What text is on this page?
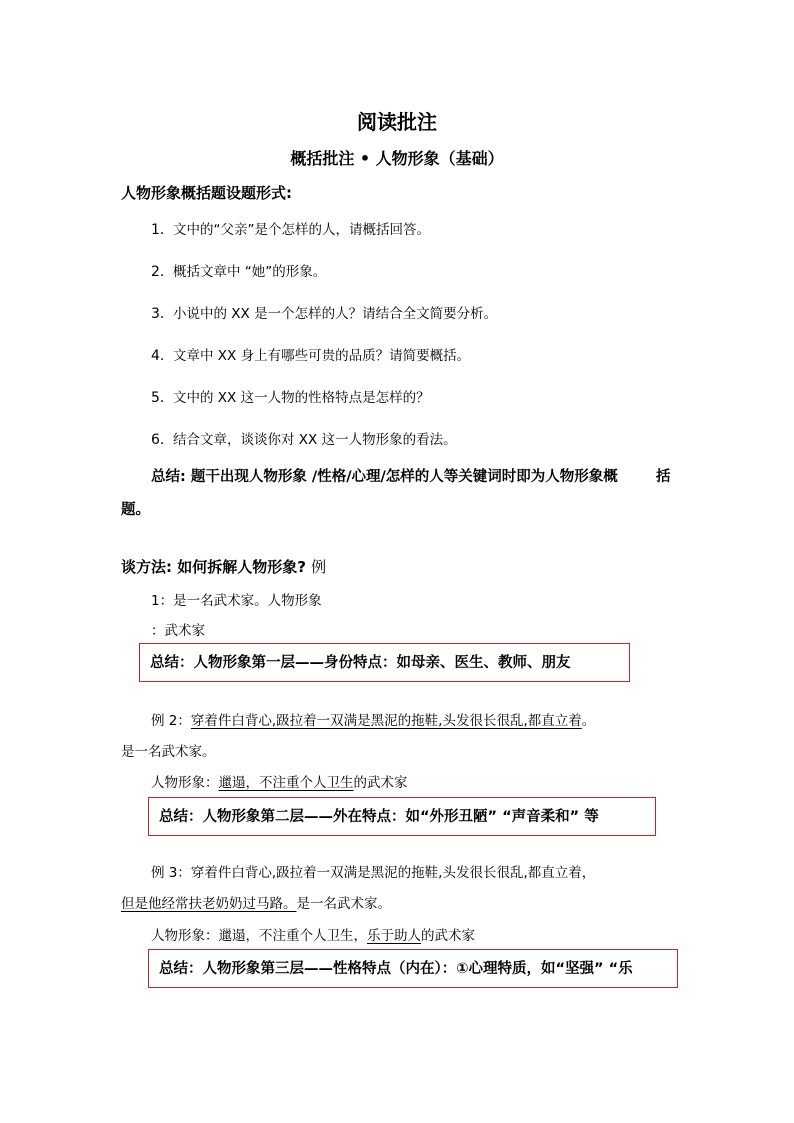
阅读批注
概括批注 • 人物形象（基础）
人物形象概括题设题形式:
1. 文中的“父亲”是个怎样的人，请概括回答。
2. 概括文章中 “她”的形象。
3. 小说中的 XX 是一个怎样的人？请结合全文简要分析。
4. 文章中 XX 身上有哪些可贵的品质？请简要概括。
5. 文中的 XX 这一人物的性格特点是怎样的？
6. 结合文章，谈谈你对 XX 这一人物形象的看法。
总结: 题干出现人物形象 /性格/心理/怎样的人等关键词时即为人物形象概	括
题。
谈方法: 如何拆解人物形象? 例
1：是一名武术家。人物形象
：武术家
总结：人物形象第一层——身份特点：如母亲、医生、教师、朋友
例 2：穿着件白背心,趿拉着一双满是黑泥的拖鞋,头发很长很乱,都直立着。
是一名武术家。
人物形象：邋遢，不注重个人卫生的武术家
总结：人物形象第二层——外在特点：如“外形丑陋” “声音柔和” 等
例 3：穿着件白背心,趿拉着一双满是黑泥的拖鞋,头发很长很乱,都直立着，
但是他经常扶老奶奶过马路。是一名武术家。
人物形象：邋遢，不注重个人卫生，乐于助人的武术家
总结：人物形象第三层——性格特点（内在）：①心理特质，如“坚强” “乐
